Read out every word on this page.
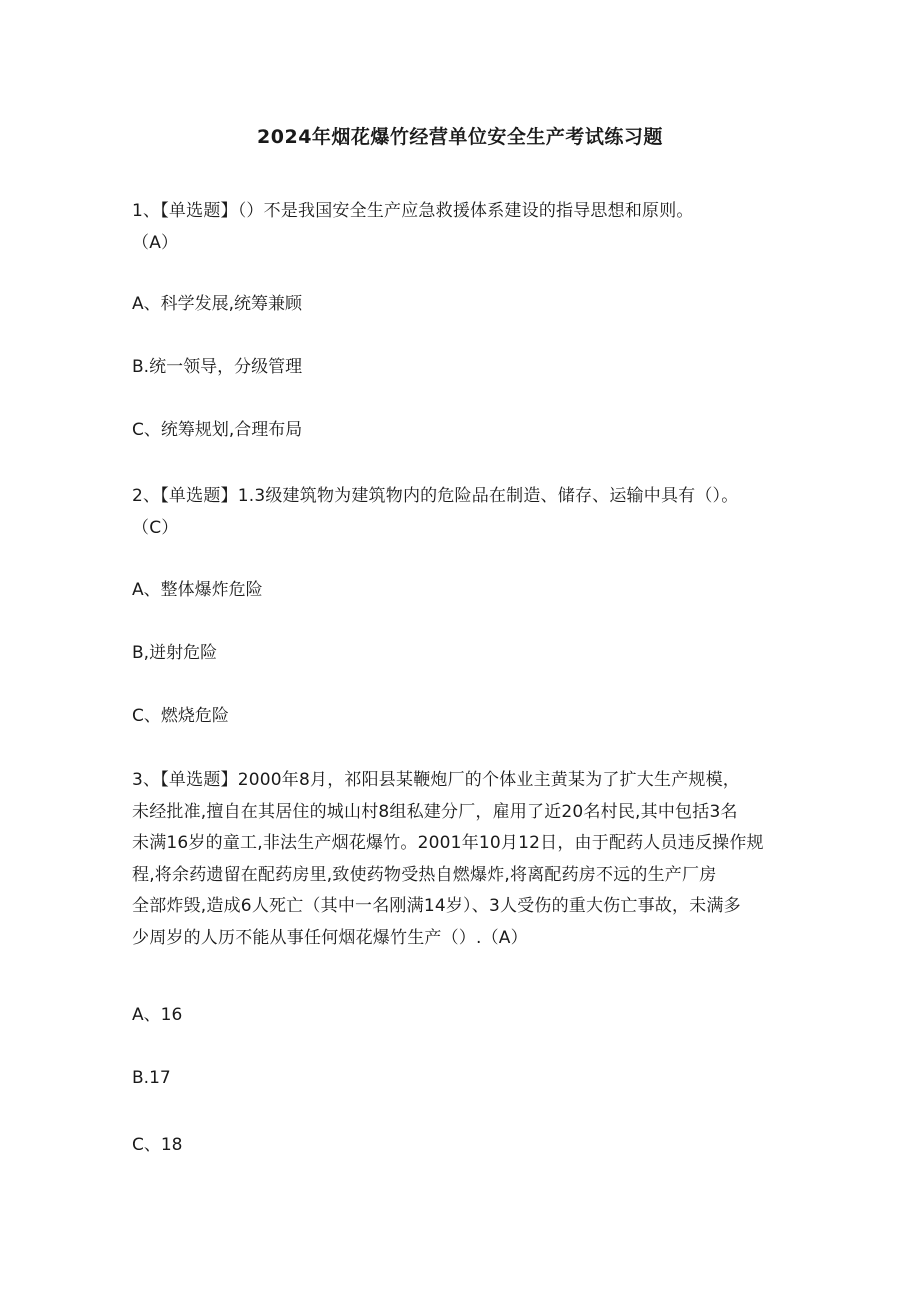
2024年烟花爆竹经营单位安全生产考试练习题
1、【单选题】（）不是我国安全生产应急救援体系建设的指导思想和原则。
（A）
A、科学发展,统筹兼顾
B.统一领导，分级管理
C、统筹规划,合理布局
2、【单选题】1.3级建筑物为建筑物内的危险品在制造、储存、运输中具有（）。
（C）
A、整体爆炸危险
B,迸射危险
C、燃烧危险
3、【单选题】2000年8月，祁阳县某鞭炮厂的个体业主黄某为了扩大生产规模，
未经批准,擅自在其居住的城山村8组私建分厂，雇用了近20名村民,其中包括3名
未满16岁的童工,非法生产烟花爆竹。2001年10月12日，由于配药人员违反操作规
程,将余药遗留在配药房里,致使药物受热自燃爆炸,将离配药房不远的生产厂房
全部炸毁,造成6人死亡（其中一名刚满14岁）、3人受伤的重大伤亡事故，未满多
少周岁的人历不能从事任何烟花爆竹生产（）.（A）
A、16
B.17
C、18
